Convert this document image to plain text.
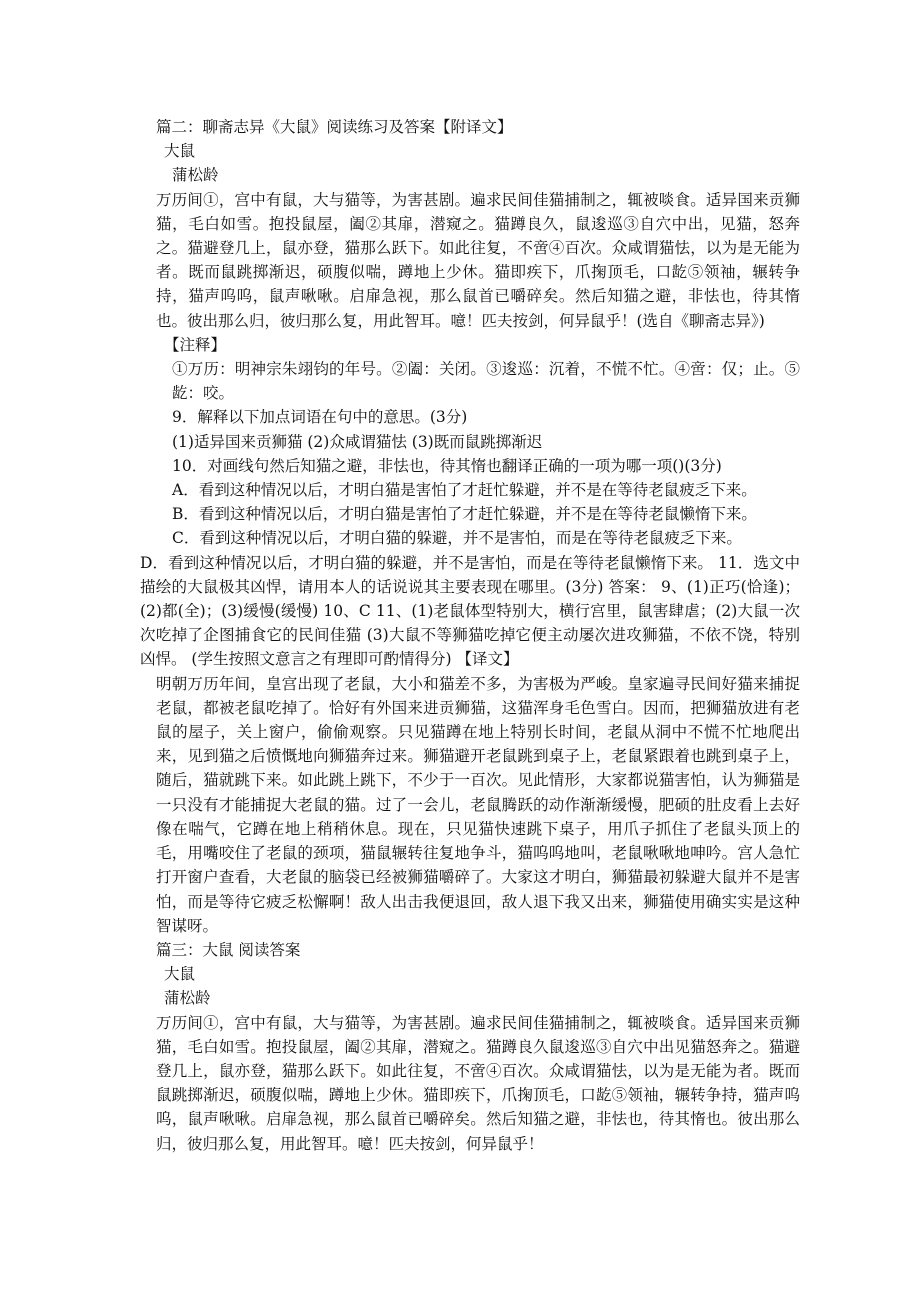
篇二：聊斋志异《大鼠》阅读练习及答案【附译文】

大鼠

蒲松龄

万历间①，宫中有鼠，大与猫等，为害甚剧。遍求民间佳猫捕制之，辄被啖食。适异国来贡狮猫，毛白如雪。抱投鼠屋，阖②其扉，潜窥之。猫蹲良久，鼠逡巡③自穴中出，见猫，怒奔之。猫避登几上，鼠亦登，猫那么跃下。如此往复，不啻④百次。众咸谓猫怯，以为是无能为者。既而鼠跳掷渐迟，硕腹似喘，蹲地上少休。猫即疾下，爪掬顶毛，口龁⑤领袖，辗转争持，猫声呜呜，鼠声啾啾。启扉急视，那么鼠首已嚼碎矣。然后知猫之避，非怯也，待其惰也。彼出那么归，彼归那么复，用此智耳。噫！匹夫按剑，何异鼠乎！(选自《聊斋志异》)

【注释】

①万历：明神宗朱翊钧的年号。②阖：关闭。③逡巡：沉着，不慌不忙。④啻：仅；止。⑤龁：咬。

9．解释以下加点词语在句中的意思。(3分)

(1)适异国来贡狮猫 (2)众咸谓猫怯 (3)既而鼠跳掷渐迟

10．对画线句然后知猫之避，非怯也，待其惰也翻译正确的一项为哪一项()(3分)

A．看到这种情况以后，才明白猫是害怕了才赶忙躲避，并不是在等待老鼠疲乏下来。

B．看到这种情况以后，才明白猫是害怕了才赶忙躲避，并不是在等待老鼠懒惰下来。

C．看到这种情况以后，才明白猫的躲避，并不是害怕，而是在等待老鼠疲乏下来。

D．看到这种情况以后，才明白猫的躲避，并不是害怕，而是在等待老鼠懒惰下来。 11．选文中描绘的大鼠极其凶悍，请用本人的话说说其主要表现在哪里。(3分) 答案： 9、(1)正巧(恰逢)；(2)都(全)；(3)缓慢(缓慢) 10、C 11、(1)老鼠体型特别大，横行宫里，鼠害肆虐；(2)大鼠一次次吃掉了企图捕食它的民间佳猫 (3)大鼠不等狮猫吃掉它便主动屡次进攻狮猫，不依不饶，特别凶悍。 (学生按照文意言之有理即可酌情得分) 【译文】

明朝万历年间，皇宫出现了老鼠，大小和猫差不多，为害极为严峻。皇家遍寻民间好猫来捕捉老鼠，都被老鼠吃掉了。恰好有外国来进贡狮猫，这猫浑身毛色雪白。因而，把狮猫放进有老鼠的屋子，关上窗户，偷偷观察。只见猫蹲在地上特别长时间，老鼠从洞中不慌不忙地爬出来，见到猫之后愤慨地向狮猫奔过来。狮猫避开老鼠跳到桌子上，老鼠紧跟着也跳到桌子上，随后，猫就跳下来。如此跳上跳下，不少于一百次。见此情形，大家都说猫害怕，认为狮猫是一只没有才能捕捉大老鼠的猫。过了一会儿，老鼠腾跃的动作渐渐缓慢，肥硕的肚皮看上去好像在喘气，它蹲在地上稍稍休息。现在，只见猫快速跳下桌子，用爪子抓住了老鼠头顶上的毛，用嘴咬住了老鼠的颈项，猫鼠辗转往复地争斗，猫呜呜地叫，老鼠啾啾地呻吟。宫人急忙打开窗户查看，大老鼠的脑袋已经被狮猫嚼碎了。大家这才明白，狮猫最初躲避大鼠并不是害怕，而是等待它疲乏松懈啊！敌人出击我便退回，敌人退下我又出来，狮猫使用确实实是这种智谋呀。

篇三：大鼠 阅读答案

大鼠

蒲松龄

万历间①，宫中有鼠，大与猫等，为害甚剧。遍求民间佳猫捕制之，辄被啖食。适异国来贡狮猫，毛白如雪。抱投鼠屋，阖②其扉，潜窥之。猫蹲良久鼠逡巡③自穴中出见猫怒奔之。猫避登几上，鼠亦登，猫那么跃下。如此往复，不啻④百次。众咸谓猫怯，以为是无能为者。既而鼠跳掷渐迟，硕腹似喘，蹲地上少休。猫即疾下，爪掬顶毛，口龁⑤领袖，辗转争持，猫声呜呜，鼠声啾啾。启扉急视，那么鼠首已嚼碎矣。然后知猫之避，非怯也，待其惰也。彼出那么归，彼归那么复，用此智耳。噫！匹夫按剑，何异鼠乎！
